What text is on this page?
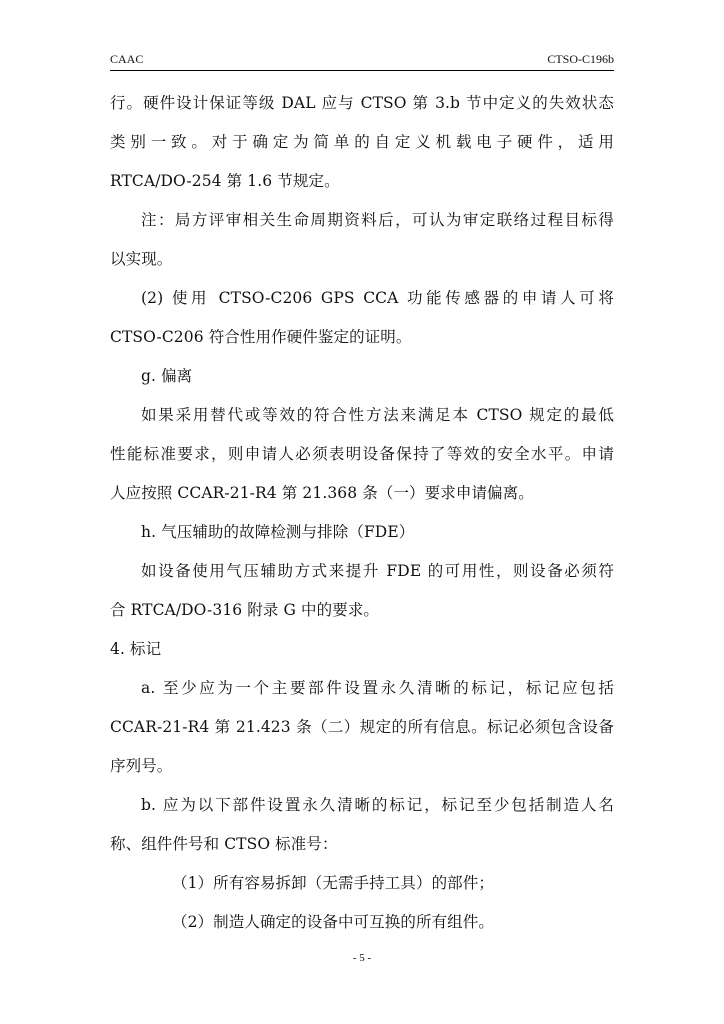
CAAC	CTSO-C196b
行。硬件设计保证等级 DAL 应与 CTSO 第 3.b 节中定义的失效状态
类别一致。对于确定为简单的自定义机载电子硬件，适用
RTCA/DO-254 第 1.6 节规定。
注：局方评审相关生命周期资料后，可认为审定联络过程目标得
以实现。
(2) 使用 CTSO-C206 GPS CCA 功能传感器的申请人可将
CTSO-C206 符合性用作硬件鉴定的证明。
g. 偏离
如果采用替代或等效的符合性方法来满足本 CTSO 规定的最低
性能标准要求，则申请人必须表明设备保持了等效的安全水平。申请
人应按照 CCAR-21-R4 第 21.368 条（一）要求申请偏离。
h. 气压辅助的故障检测与排除（FDE）
如设备使用气压辅助方式来提升 FDE 的可用性，则设备必须符
合 RTCA/DO-316 附录 G 中的要求。
4. 标记
a. 至少应为一个主要部件设置永久清晰的标记，标记应包括
CCAR-21-R4 第 21.423 条（二）规定的所有信息。标记必须包含设备
序列号。
b. 应为以下部件设置永久清晰的标记，标记至少包括制造人名
称、组件件号和 CTSO 标准号：
（1）所有容易拆卸（无需手持工具）的部件；
（2）制造人确定的设备中可互换的所有组件。
- 5 -
